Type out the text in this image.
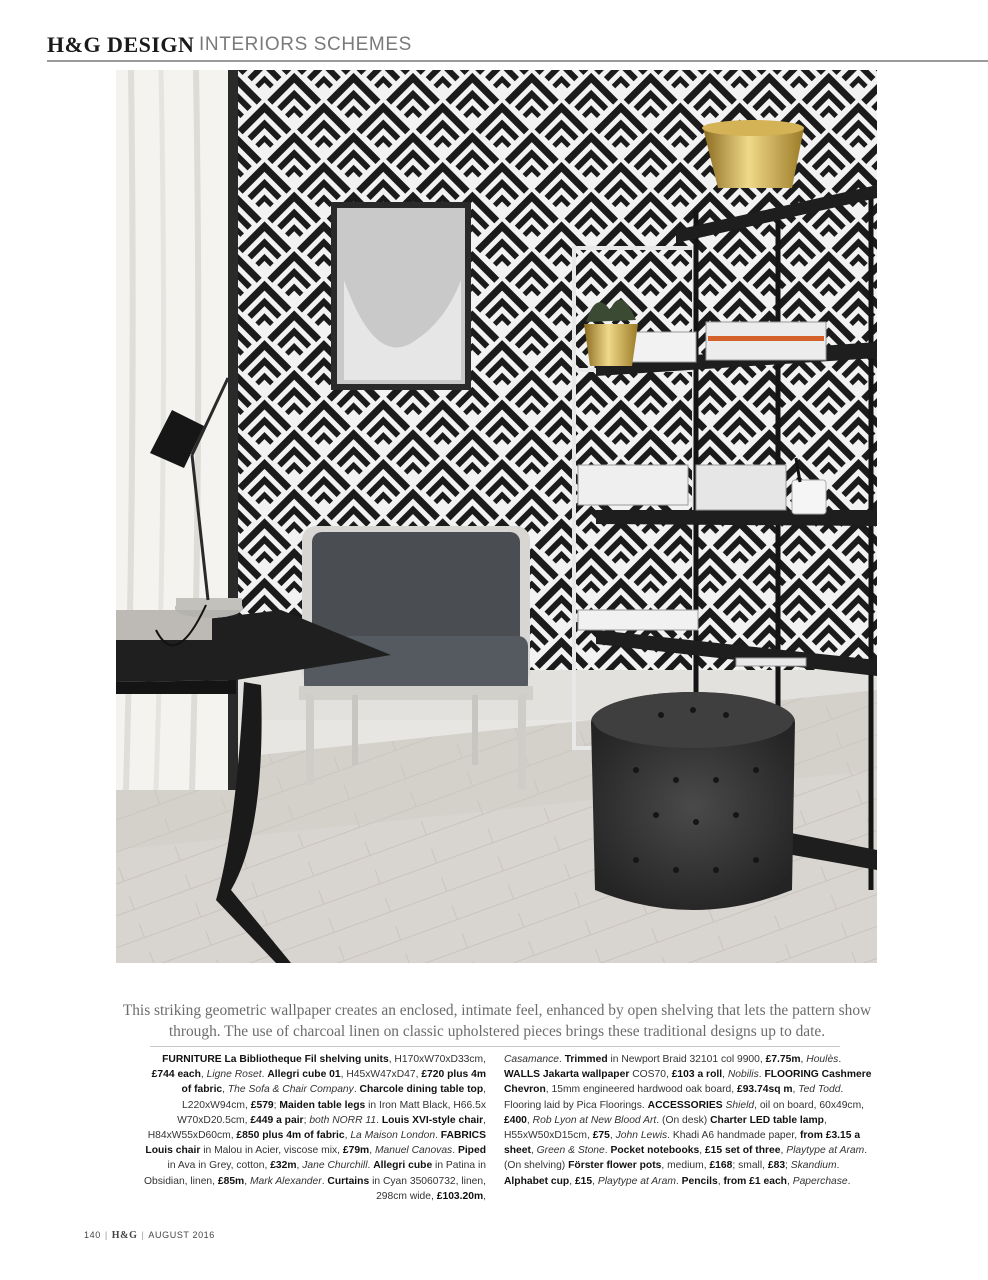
H&G DESIGN INTERIORS SCHEMES
This striking geometric wallpaper creates an enclosed, intimate feel, enhanced by open shelving that lets the pattern show through. The use of charcoal linen on classic upholstered pieces brings these traditional designs up to date.

FURNITURE La Bibliotheque Fil shelving units, H170xW70xD33cm, £744 each, Ligne Roset. Allegri cube 01, H45xW47xD47, £720 plus 4m of fabric, The Sofa & Chair Company. Charcole dining table top, L220xW94cm, £579; Maiden table legs in Iron Matt Black, H66.5x W70xD20.5cm, £449 a pair; both NORR 11. Louis XVI-style chair, H84xW55xD60cm, £850 plus 4m of fabric, La Maison London. FABRICS Louis chair in Malou in Acier, viscose mix, £79m, Manuel Canovas. Piped in Ava in Grey, cotton, £32m, Jane Churchill. Allegri cube in Patina in Obsidian, linen, £85m, Mark Alexander. Curtains in Cyan 35060732, linen, 298cm wide, £103.20m,

Casamance. Trimmed in Newport Braid 32101 col 9900, £7.75m, Houlès. WALLS Jakarta wallpaper COS70, £103 a roll, Nobilis. FLOORING Cashmere Chevron, 15mm engineered hardwood oak board, £93.74sq m, Ted Todd. Flooring laid by Pica Floorings. ACCESSORIES Shield, oil on board, 60x49cm, £400, Rob Lyon at New Blood Art. (On desk) Charter LED table lamp, H55xW50xD15cm, £75, John Lewis. Khadi A6 handmade paper, from £3.15 a sheet, Green & Stone. Pocket notebooks, £15 set of three, Playtype at Aram. (On shelving) Förster flower pots, medium, £168; small, £83; Skandium. Alphabet cup, £15, Playtype at Aram. Pencils, from £1 each, Paperchase.

140 | H&G | AUGUST 2016
